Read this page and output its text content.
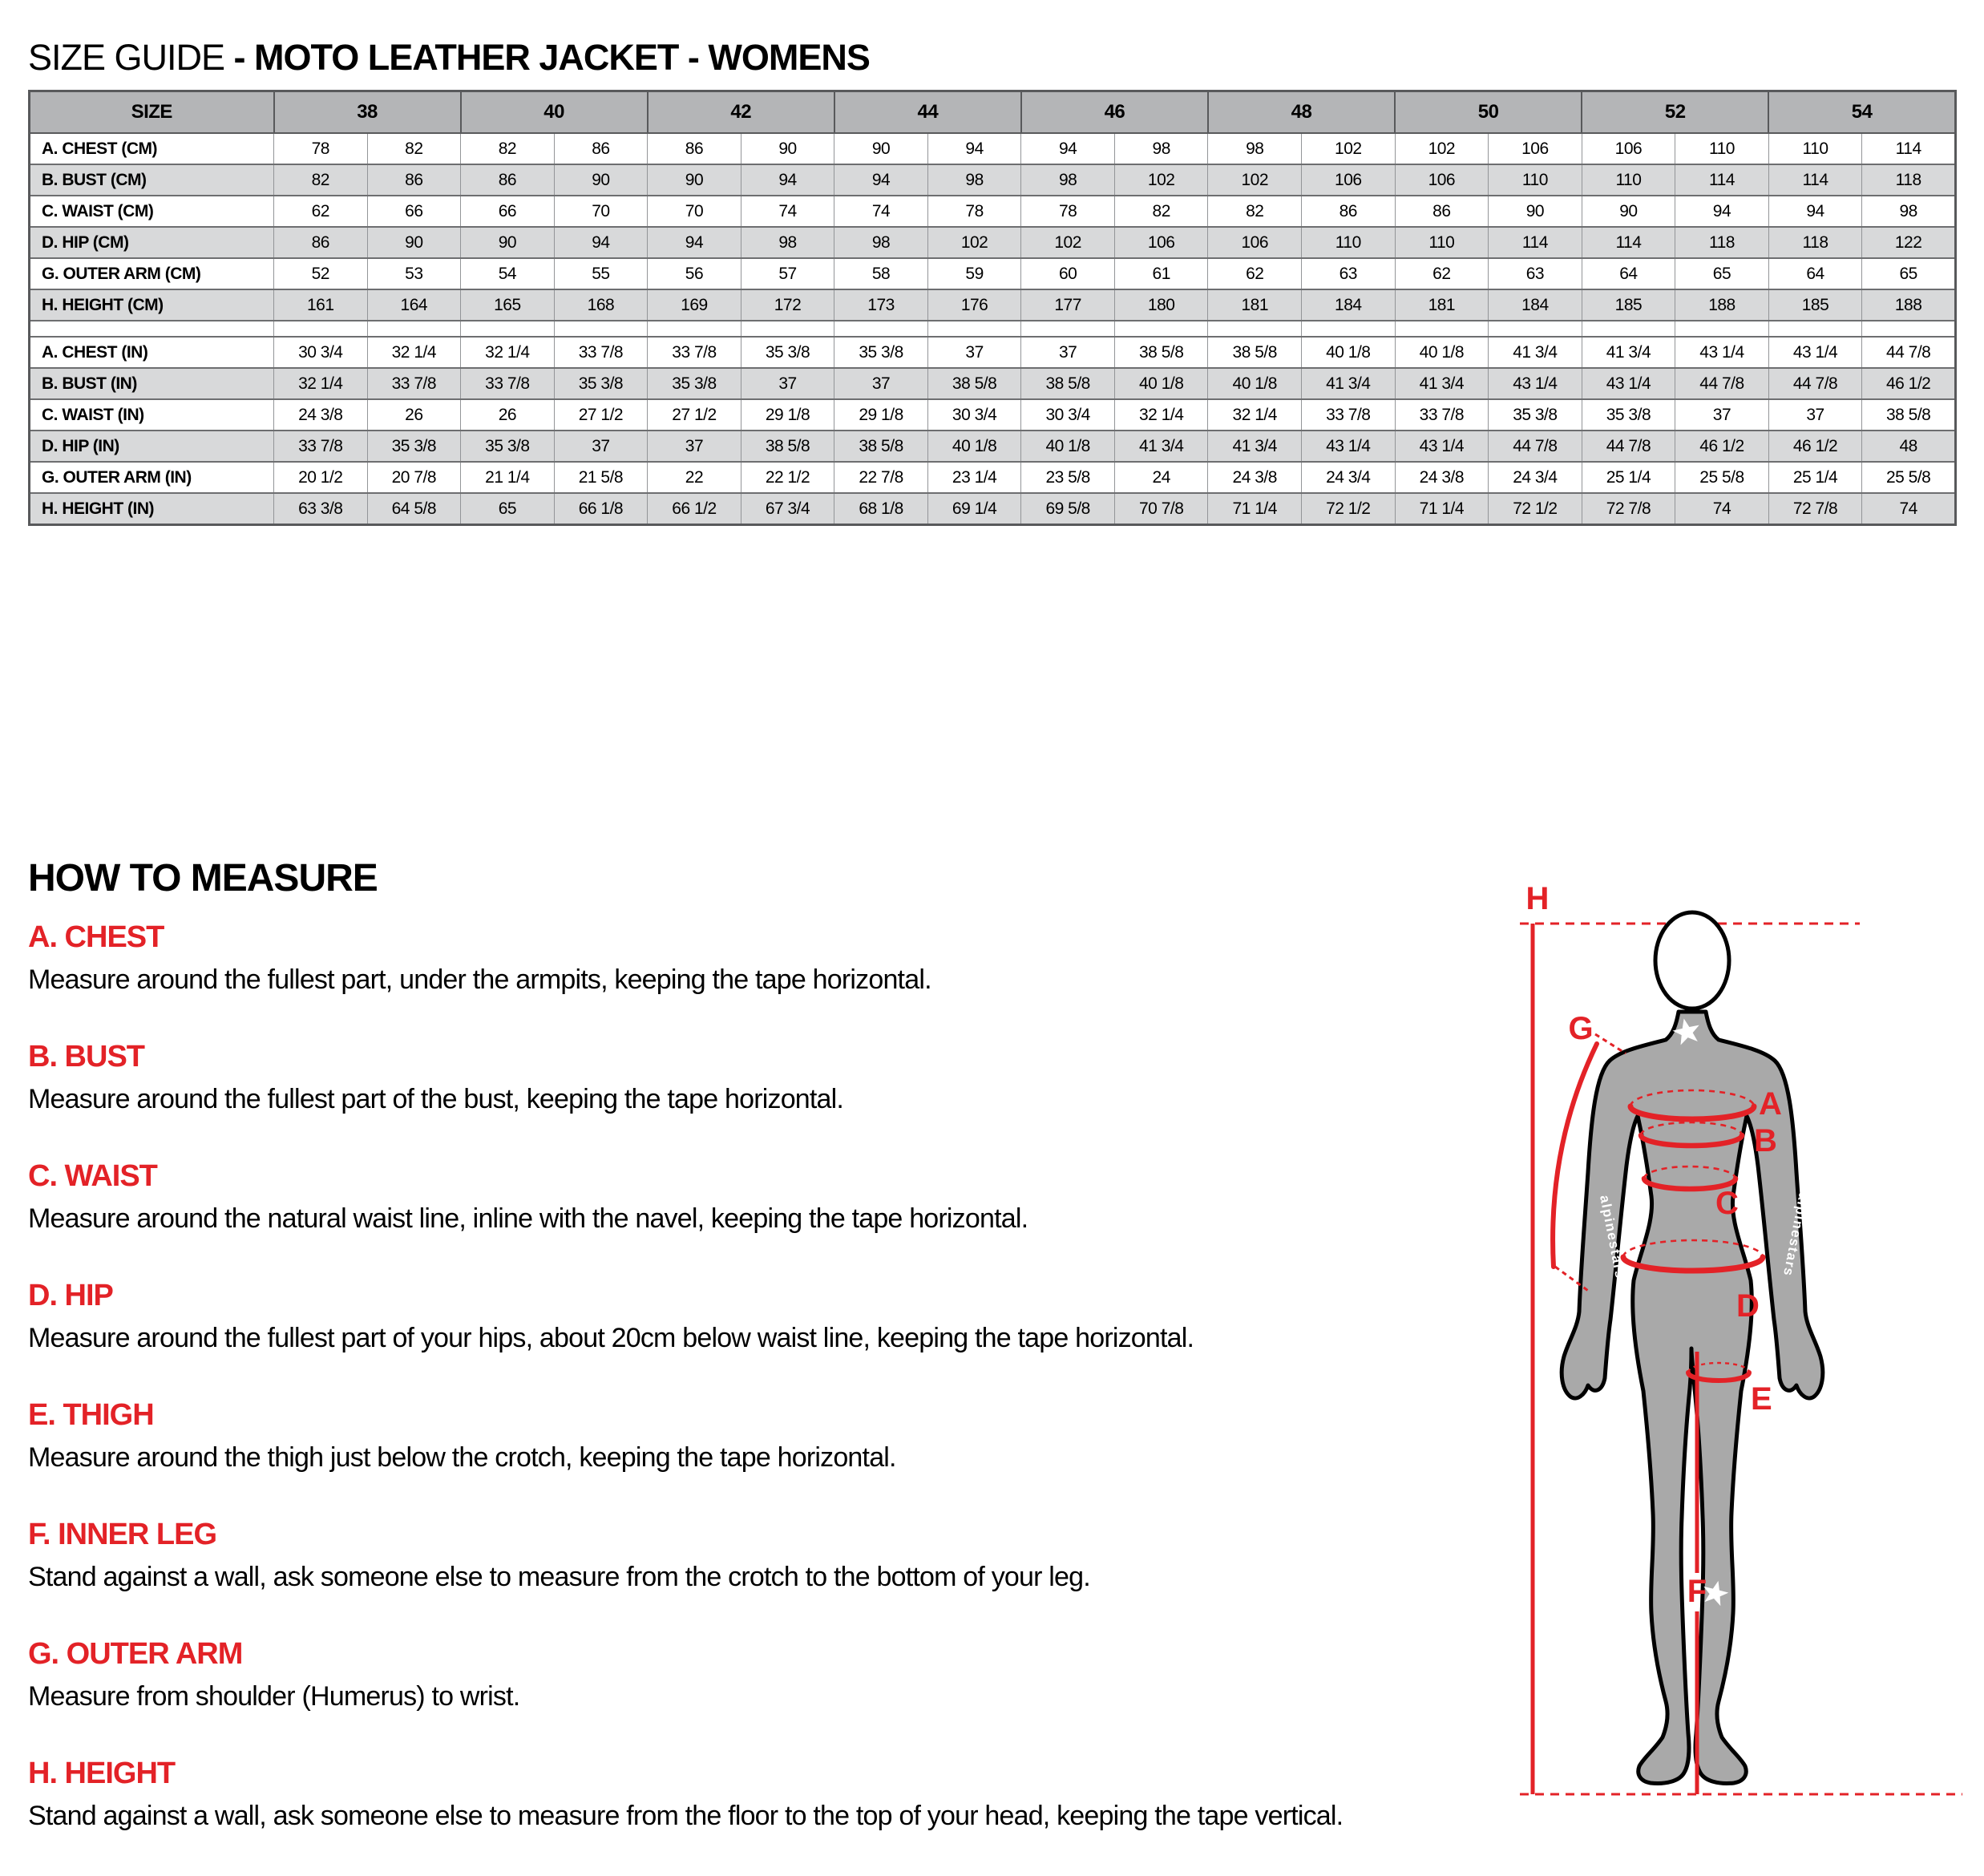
SIZE GUIDE - MOTO LEATHER JACKET - WOMENS
SIZE	38		40		42		44		46		48		50		52		54	
A. CHEST (CM)	78	82	82	86	86	90	90	94	94	98	98	102	102	106	106	110	110	114
B. BUST (CM)	82	86	86	90	90	94	94	98	98	102	102	106	106	110	110	114	114	118
C. WAIST (CM)	62	66	66	70	70	74	74	78	78	82	82	86	86	90	90	94	94	98
D. HIP (CM)	86	90	90	94	94	98	98	102	102	106	106	110	110	114	114	118	118	122
G. OUTER ARM (CM)	52	53	54	55	56	57	58	59	60	61	62	63	62	63	64	65	64	65
H. HEIGHT (CM)	161	164	165	168	169	172	173	176	177	180	181	184	181	184	185	188	185	188

A. CHEST (IN)	30 3/4	32 1/4	32 1/4	33 7/8	33 7/8	35 3/8	35 3/8	37	37	38 5/8	38 5/8	40 1/8	40 1/8	41 3/4	41 3/4	43 1/4	43 1/4	44 7/8
B. BUST (IN)	32 1/4	33 7/8	33 7/8	35 3/8	35 3/8	37	37	38 5/8	38 5/8	40 1/8	40 1/8	41 3/4	41 3/4	43 1/4	43 1/4	44 7/8	44 7/8	46 1/2
C. WAIST (IN)	24 3/8	26	26	27 1/2	27 1/2	29 1/8	29 1/8	30 3/4	30 3/4	32 1/4	32 1/4	33 7/8	33 7/8	35 3/8	35 3/8	37	37	38 5/8
D. HIP (IN)	33 7/8	35 3/8	35 3/8	37	37	38 5/8	38 5/8	40 1/8	40 1/8	41 3/4	41 3/4	43 1/4	43 1/4	44 7/8	44 7/8	46 1/2	46 1/2	48
G. OUTER ARM (IN)	20 1/2	20 7/8	21 1/4	21 5/8	22	22 1/2	22 7/8	23 1/4	23 5/8	24	24 3/8	24 3/4	24 3/8	24 3/4	25 1/4	25 5/8	25 1/4	25 5/8
H. HEIGHT (IN)	63 3/8	64 5/8	65	66 1/8	66 1/2	67 3/4	68 1/8	69 1/4	69 5/8	70 7/8	71 1/4	72 1/2	71 1/4	72 1/2	72 7/8	74	72 7/8	74
HOW TO MEASURE
A. CHEST

Measure around the fullest part, under the armpits, keeping the tape horizontal.

B. BUST

Measure around the fullest part of the bust, keeping the tape horizontal.

C. WAIST

Measure around the natural waist line, inline with the navel, keeping the tape horizontal.

D. HIP

Measure around the fullest part of your hips, about 20cm below waist line, keeping the tape horizontal.

E. THIGH

Measure around the thigh just below the crotch, keeping the tape horizontal.

F. INNER LEG

Stand against a wall, ask someone else to measure from the crotch to the bottom of your leg.

G. OUTER ARM

Measure from shoulder (Humerus) to wrist.

H. HEIGHT

Stand against a wall, ask someone else to measure from the floor to the top of your head, keeping the tape vertical.

H
alpinestars	alpinestars
G
A
B
C
D
E
F
